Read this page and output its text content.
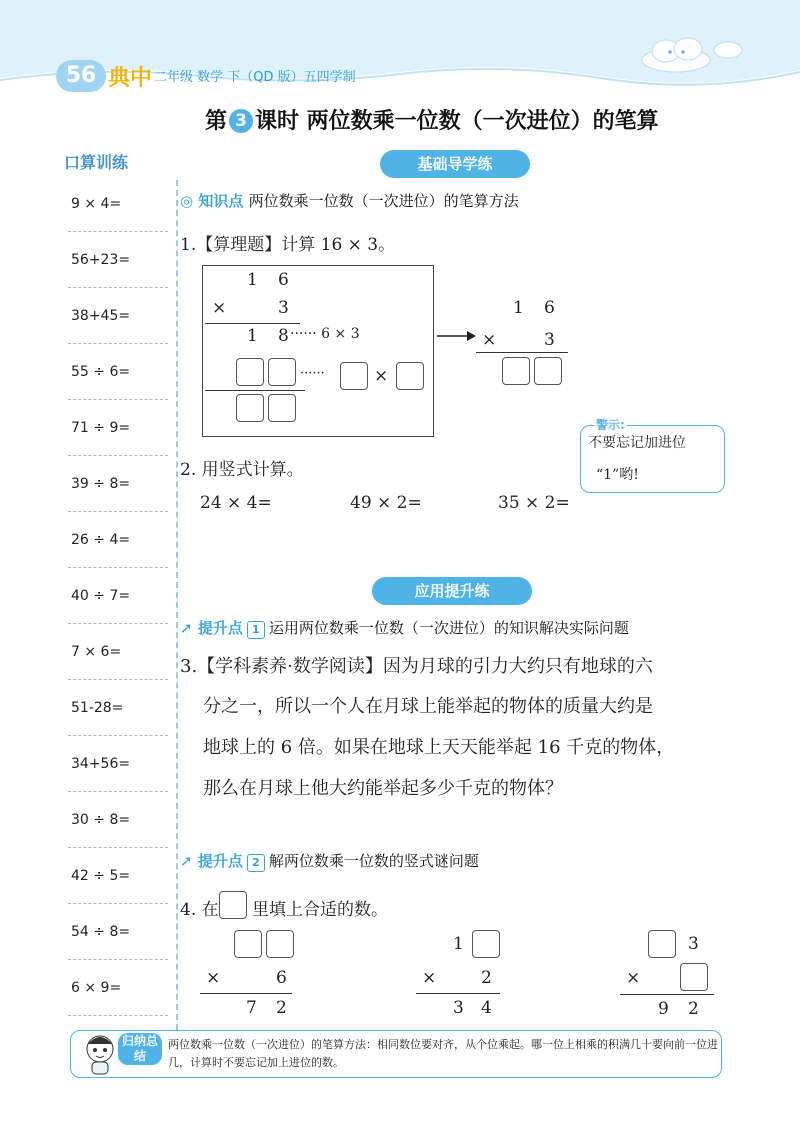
56 典中 二年级 数学 下（QD 版）五四学制
第 3 课时 两位数乘一位数（一次进位）的笔算
口算训练
9 × 4=
56+23=
38+45=
55 ÷ 6=
71 ÷ 9=
39 ÷ 8=
26 ÷ 4=
40 ÷ 7=
7 × 6=
51-28=
34+56=
30 ÷ 8=
42 ÷ 5=
54 ÷ 8=
6 × 9=
基础导学练
◎ 知识点 两位数乘一位数（一次进位）的笔算方法
1.【算理题】计算 16 × 3。
1 6
×	3
1 8 ······ 6 × 3
······	×
1 6
×	3
警示:
不要忘记加进位
“1”哟!
2. 用竖式计算。
24 × 4=	49 × 2=	35 × 2=
应用提升练
➚ 提升点 1 运用两位数乘一位数（一次进位）的知识解决实际问题
3.【学科素养·数学阅读】因为月球的引力大约只有地球的六
分之一，所以一个人在月球上能举起的物体的质量大约是
地球上的 6 倍。如果在地球上天天能举起 16 千克的物体，
那么在月球上他大约能举起多少千克的物体？
➚ 提升点 2 解两位数乘一位数的竖式谜问题
4. 在 里填上合适的数。
×	6
7 2
1
×	2
3 4
3
×
9 2
归纳总结
两位数乘一位数（一次进位）的笔算方法：相同数位要对齐，从个位乘起。哪一位上相乘的积满几十要向前一位进几，计算时不要忘记加上进位的数。
